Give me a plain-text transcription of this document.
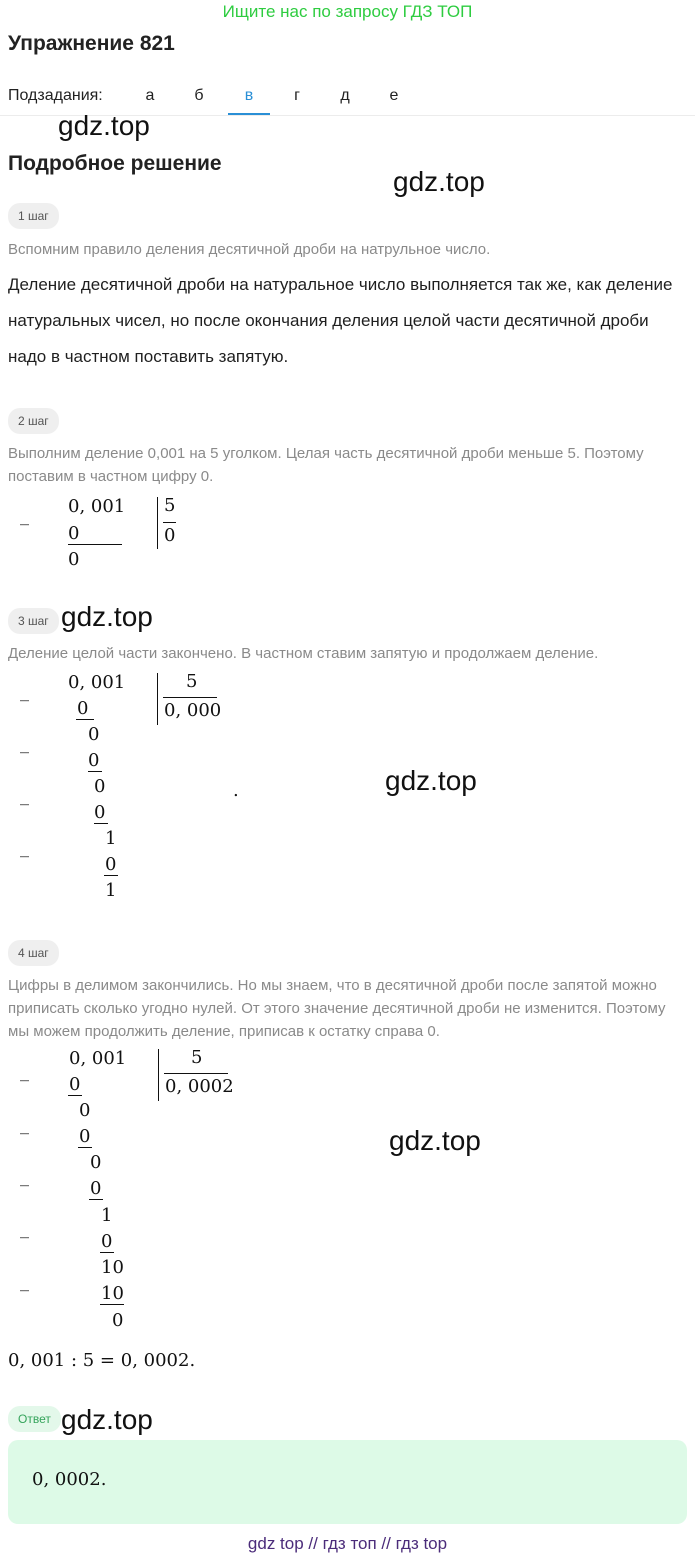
Ищите нас по запросу ГДЗ ТОП
Упражнение 821
Подзадания:	а	б	в	г	д	е
gdz.top
gdz.top
gdz.top
gdz.top
gdz.top
gdz.top
Подробное решение
1 шаг
Вспомним правило деления десятичной дроби на натрульное число.
Деление десятичной дроби на натуральное число выполняется так же, как деление натуральных чисел, но после окончания деления целой части десятичной дроби надо в частном поставить запятую.
2 шаг
Выполним деление 0,001 на 5 уголком. Целая часть десятичной дроби меньше 5. Поэтому поставим в частном цифру 0.
_ 0, 001
0
0
5
0
3 шаг
Деление целой части закончено. В частном ставим запятую и продолжаем деление.
_
_
_
_
0, 001
0
0
0
0
0
1
0
1
5
0, 000
.
4 шаг
Цифры в делимом закончились. Но мы знаем, что в десятичной дроби после запятой можно приписать сколько угодно нулей. От этого значение десятичной дроби не изменится. Поэтому мы можем продолжить деление, приписав к остатку справа 0.
_
_
_
_
_
0, 001
0
0
0
0
0
1
0
10
10
0
5
0, 0002
0, 001 : 5 = 0, 0002.
Ответ
0, 0002.
gdz top // гдз топ // гдз top
